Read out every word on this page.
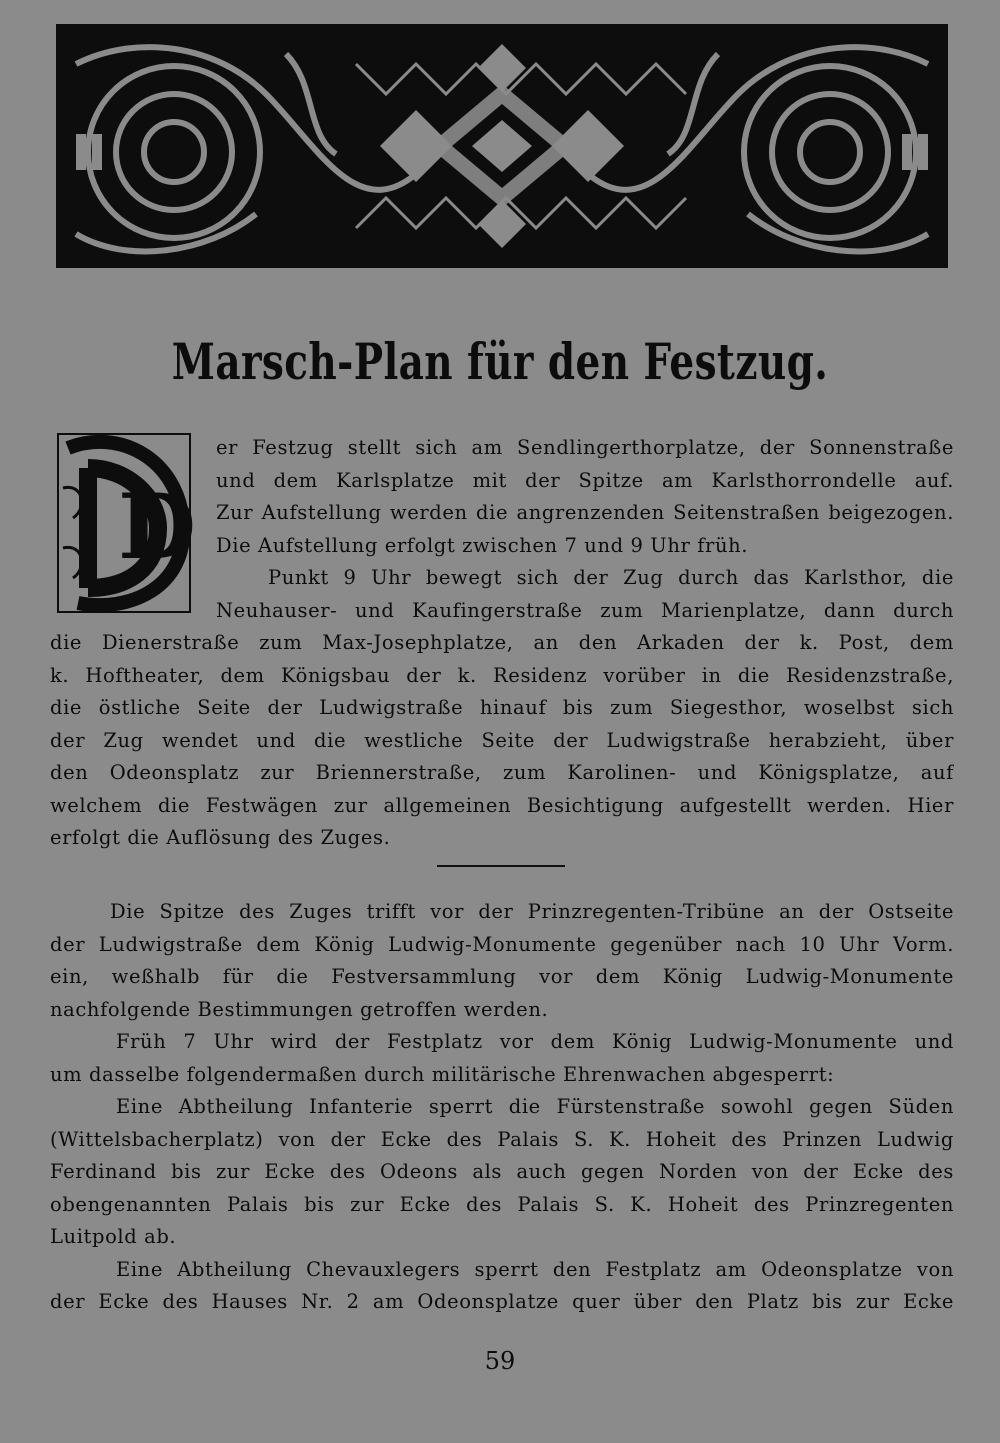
Marsch-Plan für den Festzug.
D
er Festzug stellt sich am Sendlingerthorplatze, der Sonnenstraße
und dem Karlsplatze mit der Spitze am Karlsthorrondelle auf.
Zur Aufstellung werden die angrenzenden Seitenstraßen beigezogen.
Die Aufstellung erfolgt zwischen 7 und 9 Uhr früh.
Punkt 9 Uhr bewegt sich der Zug durch das Karlsthor, die
Neuhauser- und Kaufingerstraße zum Marienplatze, dann durch
die Dienerstraße zum Max-Josephplatze, an den Arkaden der k. Post, dem
k. Hoftheater, dem Königsbau der k. Residenz vorüber in die Residenzstraße,
die östliche Seite der Ludwigstraße hinauf bis zum Siegesthor, woselbst sich
der Zug wendet und die westliche Seite der Ludwigstraße herabzieht, über
den Odeonsplatz zur Briennerstraße, zum Karolinen- und Königsplatze, auf
welchem die Festwägen zur allgemeinen Besichtigung aufgestellt werden. Hier
erfolgt die Auflösung des Zuges.
Die Spitze des Zuges trifft vor der Prinzregenten-Tribüne an der Ostseite
der Ludwigstraße dem König Ludwig-Monumente gegenüber nach 10 Uhr Vorm.
ein, weßhalb für die Festversammlung vor dem König Ludwig-Monumente
nachfolgende Bestimmungen getroffen werden.
Früh 7 Uhr wird der Festplatz vor dem König Ludwig-Monumente und
um dasselbe folgendermaßen durch militärische Ehrenwachen abgesperrt:
Eine Abtheilung Infanterie sperrt die Fürstenstraße sowohl gegen Süden
(Wittelsbacherplatz) von der Ecke des Palais S. K. Hoheit des Prinzen Ludwig
Ferdinand bis zur Ecke des Odeons als auch gegen Norden von der Ecke des
obengenannten Palais bis zur Ecke des Palais S. K. Hoheit des Prinzregenten
Luitpold ab.
Eine Abtheilung Chevauxlegers sperrt den Festplatz am Odeonsplatze von
der Ecke des Hauses Nr. 2 am Odeonsplatze quer über den Platz bis zur Ecke
59
